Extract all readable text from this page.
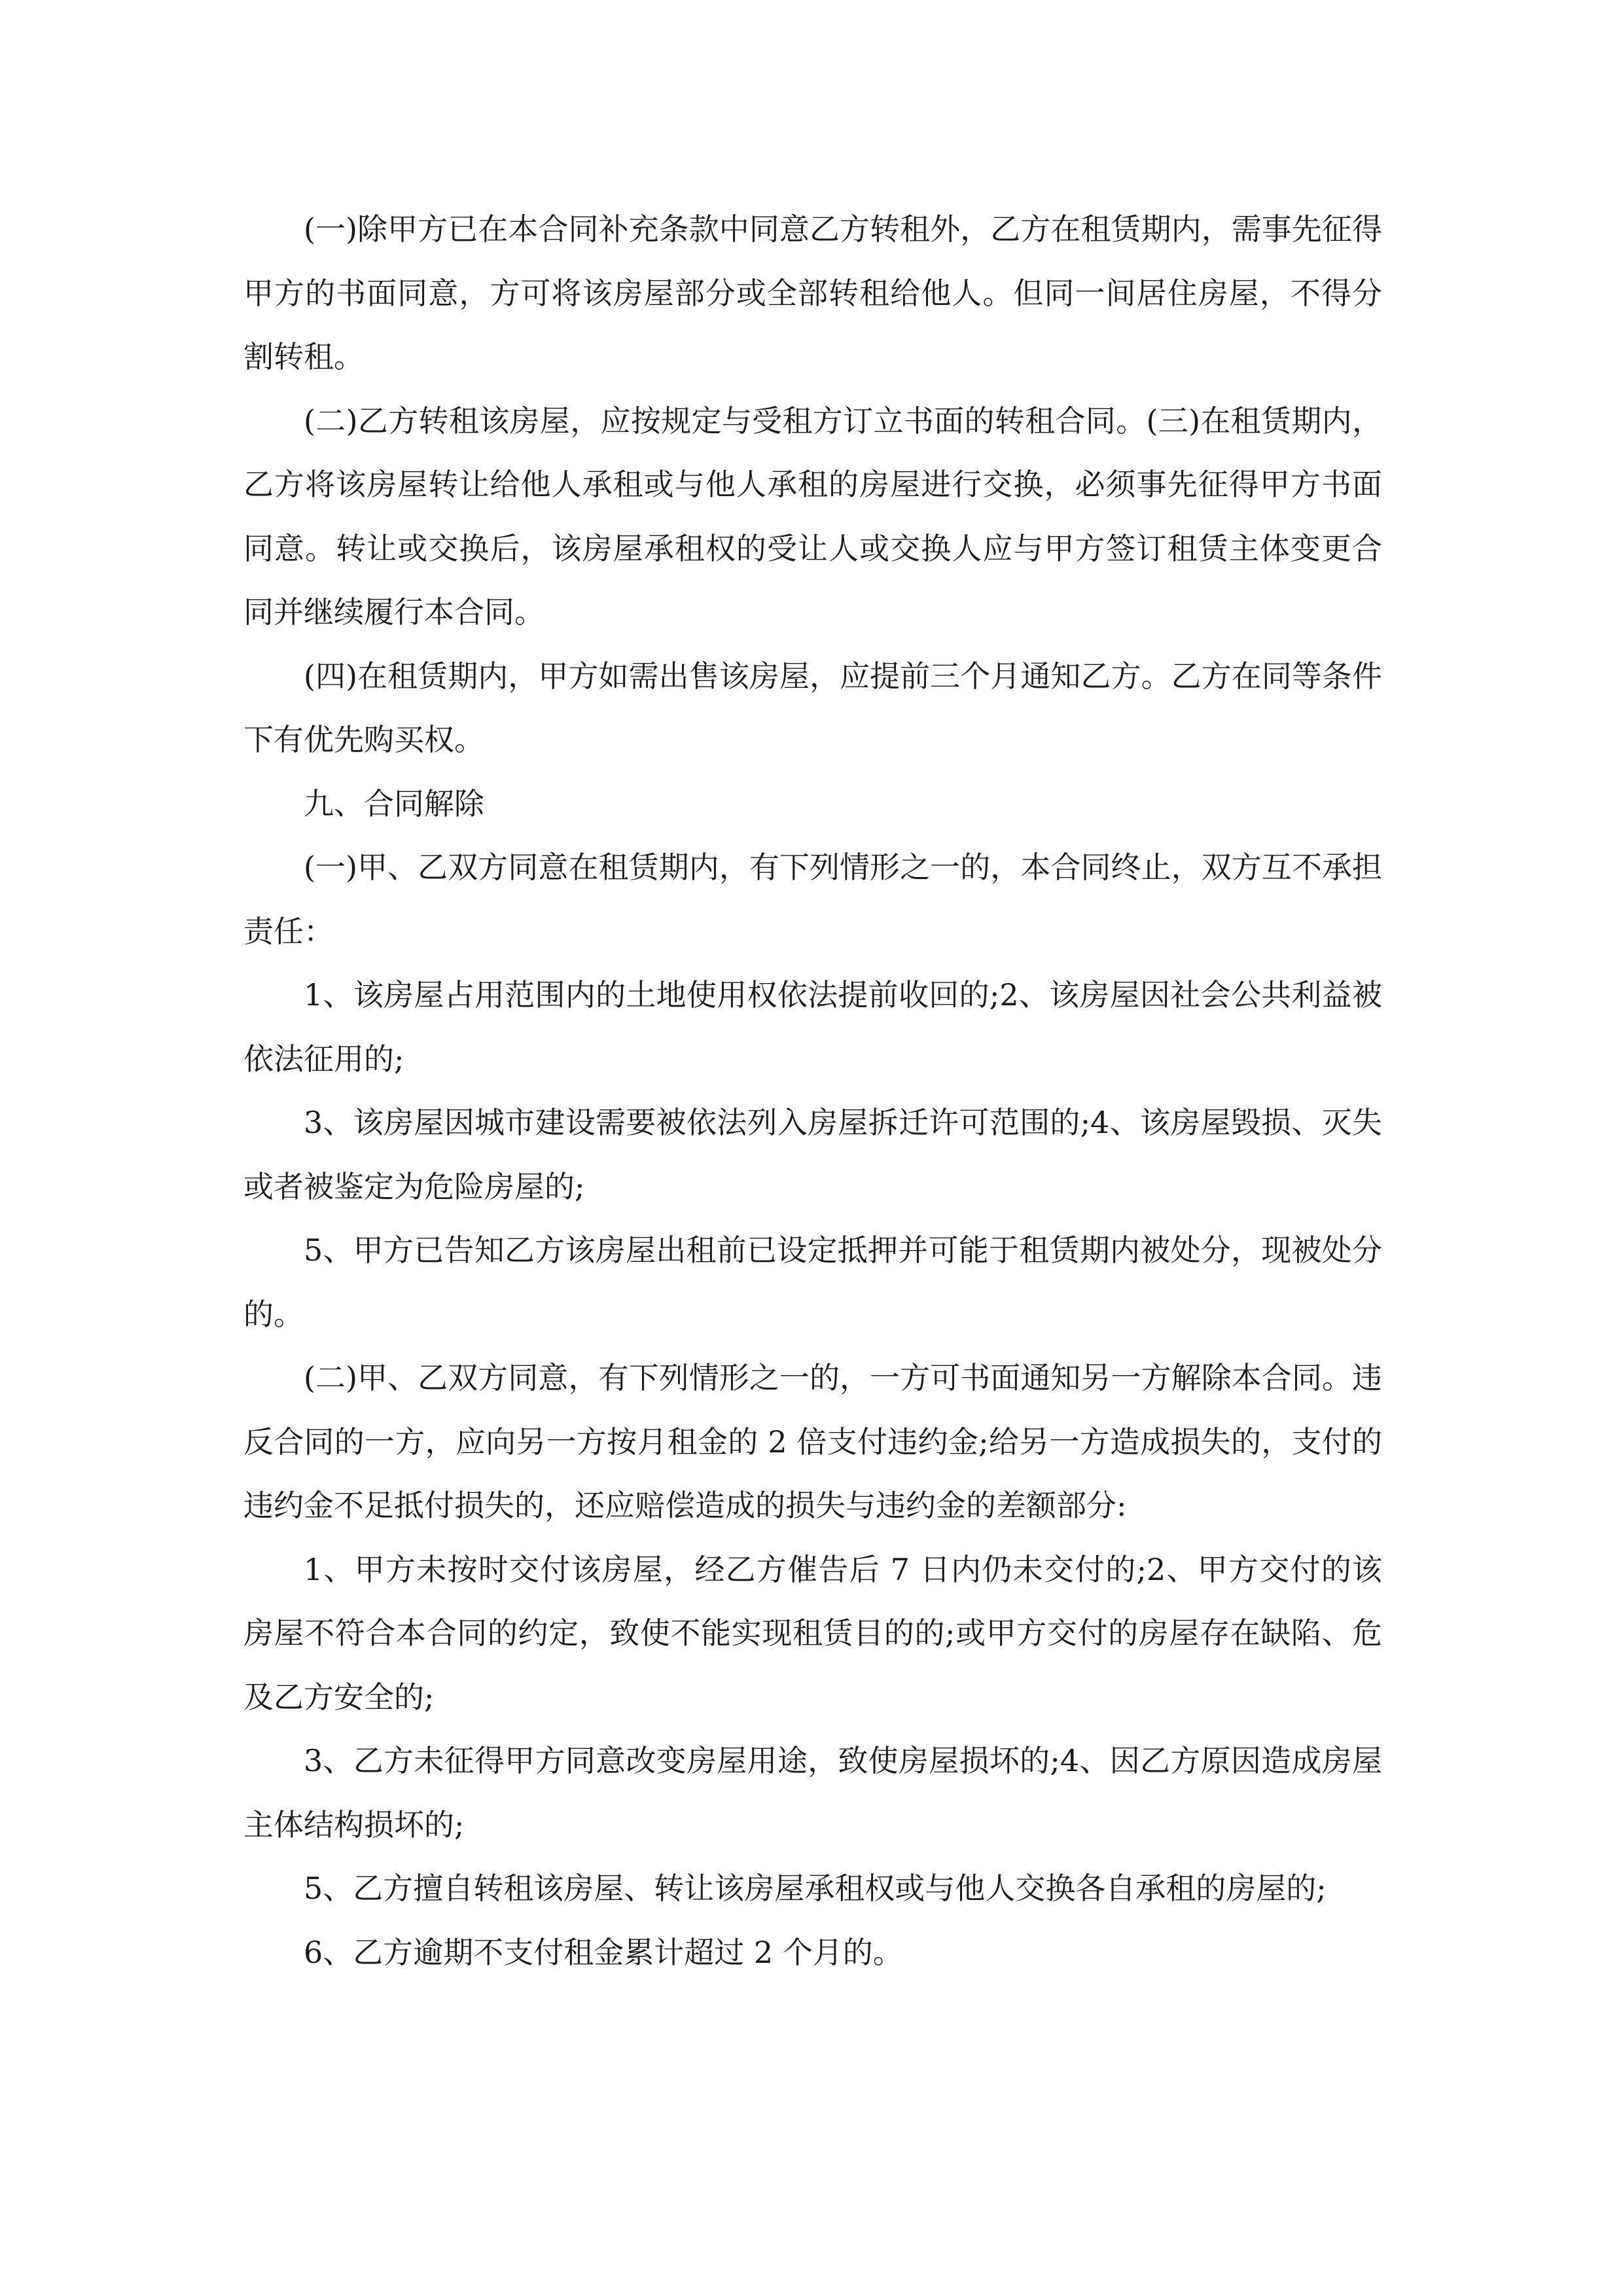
(一)除甲方已在本合同补充条款中同意乙方转租外，乙方在租赁期内，需事先征得甲方的书面同意，方可将该房屋部分或全部转租给他人。但同一间居住房屋，不得分割转租。

(二)乙方转租该房屋，应按规定与受租方订立书面的转租合同。(三)在租赁期内，乙方将该房屋转让给他人承租或与他人承租的房屋进行交换，必须事先征得甲方书面同意。转让或交换后，该房屋承租权的受让人或交换人应与甲方签订租赁主体变更合同并继续履行本合同。

(四)在租赁期内，甲方如需出售该房屋，应提前三个月通知乙方。乙方在同等条件下有优先购买权。

九、合同解除

(一)甲、乙双方同意在租赁期内，有下列情形之一的，本合同终止，双方互不承担责任：

1、该房屋占用范围内的土地使用权依法提前收回的;2、该房屋因社会公共利益被依法征用的;

3、该房屋因城市建设需要被依法列入房屋拆迁许可范围的;4、该房屋毁损、灭失或者被鉴定为危险房屋的;

5、甲方已告知乙方该房屋出租前已设定抵押并可能于租赁期内被处分，现被处分的。

(二)甲、乙双方同意，有下列情形之一的，一方可书面通知另一方解除本合同。违反合同的一方，应向另一方按月租金的 2 倍支付违约金;给另一方造成损失的，支付的违约金不足抵付损失的，还应赔偿造成的损失与违约金的差额部分:

1、甲方未按时交付该房屋，经乙方催告后 7 日内仍未交付的;2、甲方交付的该房屋不符合本合同的约定，致使不能实现租赁目的的;或甲方交付的房屋存在缺陷、危及乙方安全的;

3、乙方未征得甲方同意改变房屋用途，致使房屋损坏的;4、因乙方原因造成房屋主体结构损坏的;

5、乙方擅自转租该房屋、转让该房屋承租权或与他人交换各自承租的房屋的;

6、乙方逾期不支付租金累计超过 2 个月的。
